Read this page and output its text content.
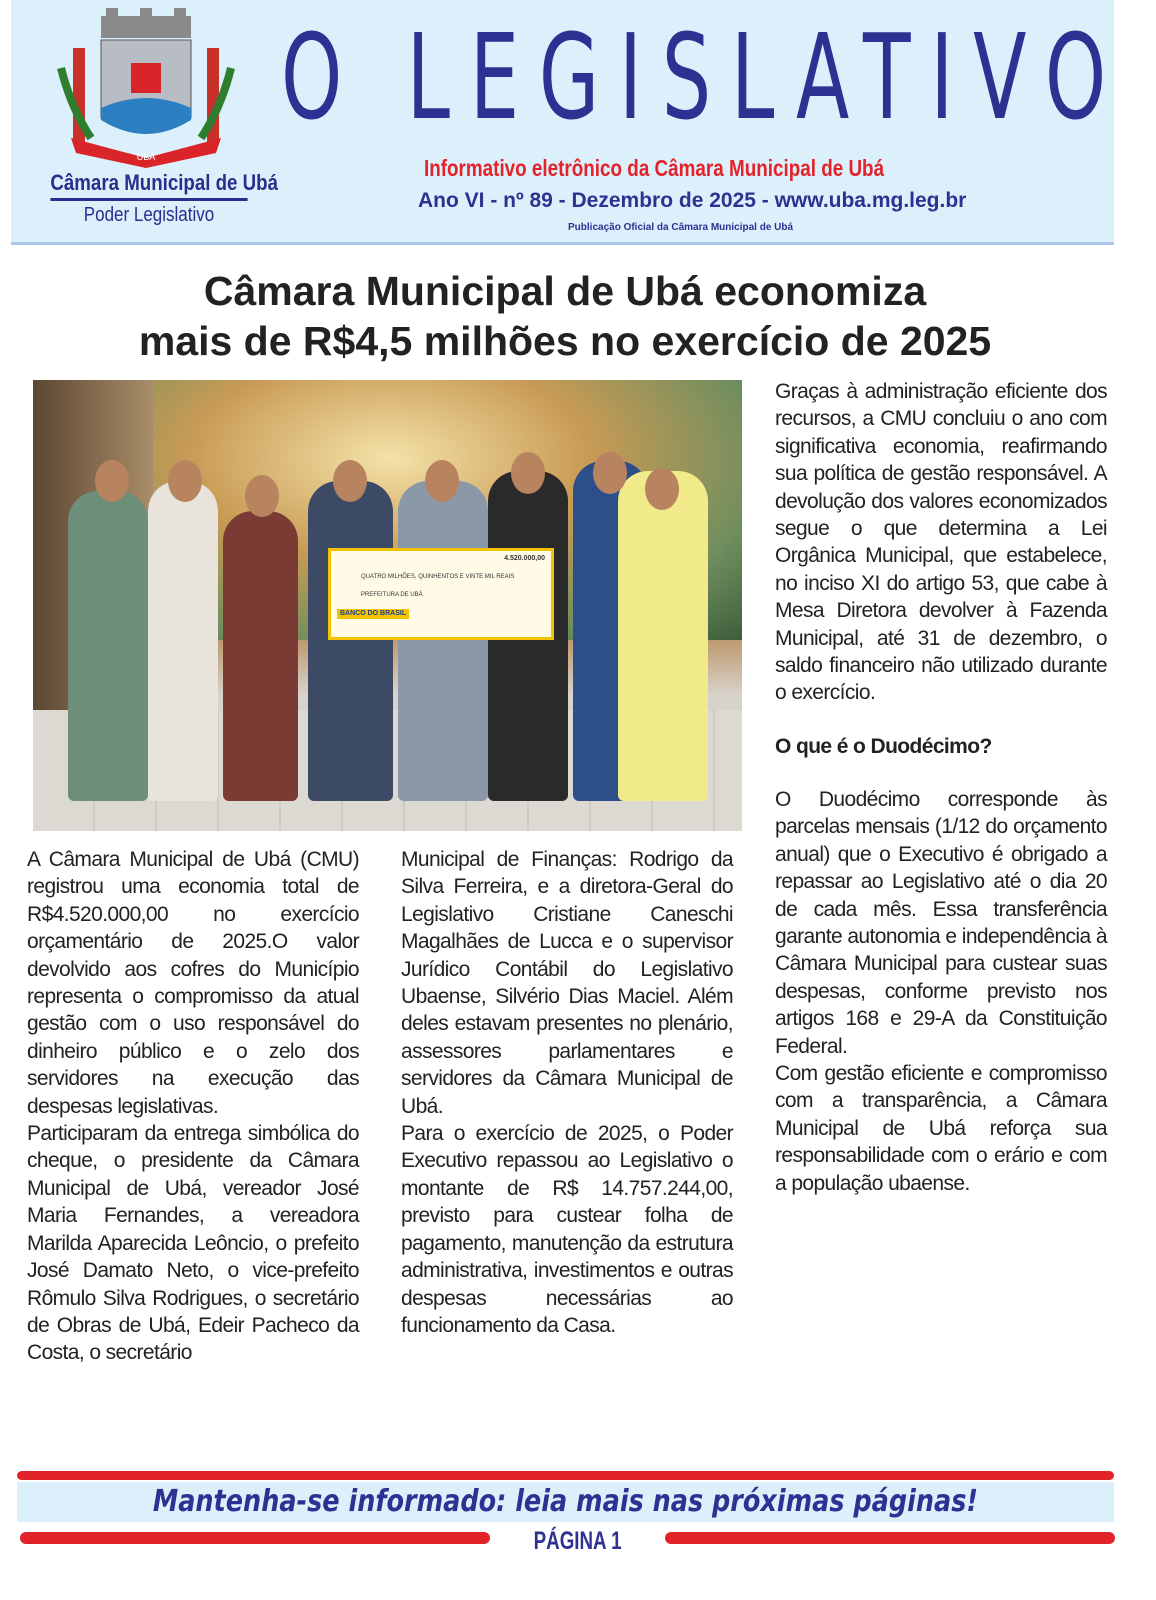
UBÁ
Câmara Municipal de Ubá
Poder Legislativo
O LEGISLATIVO
Informativo eletrônico da Câmara Municipal de Ubá
Ano VI - nº 89 - Dezembro de 2025 - www.uba.mg.leg.br
Publicação Oficial da Câmara Municipal de Ubá
Câmara Municipal de Ubá economiza
mais de R$4,5 milhões no exercício de 2025
4.520.000,00
QUATRO MILHÕES, QUINHENTOS E VINTE MIL REAIS
PREFEITURA DE UBÁ
BANCO DO BRASIL

A Câmara Municipal de Ubá (CMU) registrou uma economia total de R$4.520.000,00 no exercício orçamentário de 2025.O valor devolvido aos cofres do Município representa o compromisso da atual gestão com o uso responsável do dinheiro público e o zelo dos servidores na execução das despesas legislativas.

Participaram da entrega simbólica do cheque, o presidente da Câmara Municipal de Ubá, vereador José Maria Fernandes, a vereadora Marilda Aparecida Leôncio, o prefeito José Damato Neto, o vice-prefeito Rômulo Silva Rodrigues, o secretário de Obras de Ubá, Edeir Pacheco da Costa, o secretário

Municipal de Finanças: Rodrigo da Silva Ferreira, e a diretora-Geral do Legislativo Cristiane Caneschi Magalhães de Lucca e o supervisor Jurídico Contábil do Legislativo Ubaense, Silvério Dias Maciel. Além deles estavam presentes no plenário, assessores parlamentares e servidores da Câmara Municipal de Ubá.

Para o exercício de 2025, o Poder Executivo repassou ao Legislativo o montante de R$ 14.757.244,00, previsto para custear folha de pagamento, manutenção da estrutura administrativa, investimentos e outras despesas necessárias ao funcionamento da Casa.

Graças à administração eficiente dos recursos, a CMU concluiu o ano com significativa economia, reafirmando sua política de gestão responsável. A devolução dos valores economizados segue o que determina a Lei Orgânica Municipal, que estabelece, no inciso XI do artigo 53, que cabe à Mesa Diretora devolver à Fazenda Municipal, até 31 de dezembro, o saldo financeiro não utilizado durante o exercício.

O que é o Duodécimo?

O Duodécimo corresponde às parcelas mensais (1/12 do orçamento anual) que o Executivo é obrigado a repassar ao Legislativo até o dia 20 de cada mês. Essa transferência garante autonomia e independência à Câmara Municipal para custear suas despesas, conforme previsto nos artigos 168 e 29-A da Constituição Federal.

Com gestão eficiente e compromisso com a transparência, a Câmara Municipal de Ubá reforça sua responsabilidade com o erário e com a população ubaense.

Mantenha-se informado: leia mais nas próximas páginas!
PÁGINA 1
